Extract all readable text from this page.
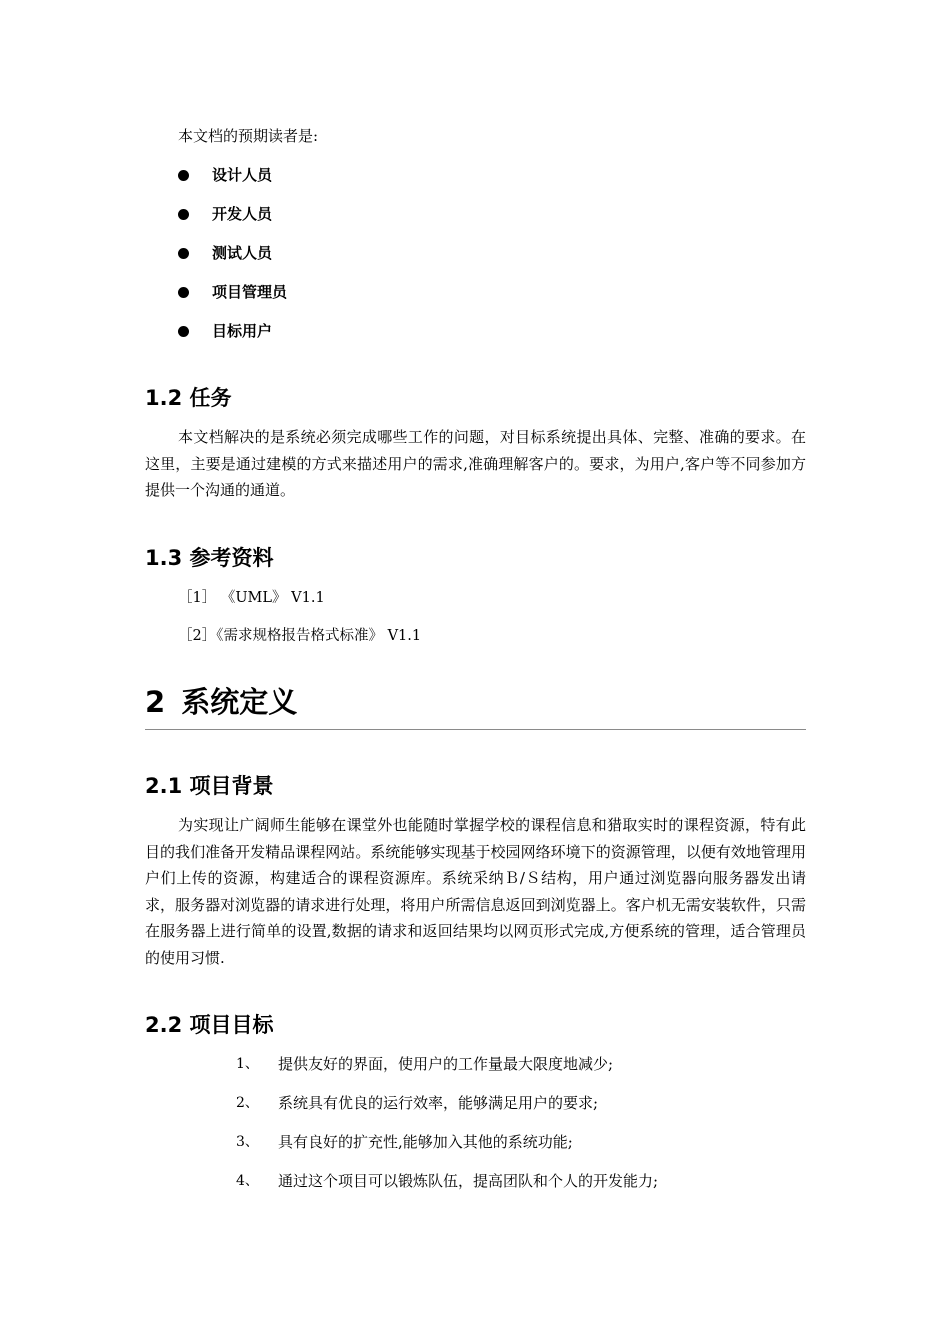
本文档的预期读者是:
设计人员
开发人员
测试人员
项目管理员
目标用户
1.2 任务

本文档解决的是系统必须完成哪些工作的问题，对目标系统提出具体、完整、准确的要求。在这里，主要是通过建模的方式来描述用户的需求,准确理解客户的。要求，为用户,客户等不同参加方提供一个沟通的通道。

1.3 参考资料
［1］ 《UML》 V1.1
［2］《需求规格报告格式标准》 V1.1
2 系统定义
2.1 项目背景

为实现让广阔师生能够在课堂外也能随时掌握学校的课程信息和猎取实时的课程资源，特有此目的我们准备开发精品课程网站。系统能够实现基于校园网络环境下的资源管理，以便有效地管理用户们上传的资源，构建适合的课程资源库。系统采纳Ｂ/Ｓ结构，用户通过浏览器向服务器发出请求，服务器对浏览器的请求进行处理，将用户所需信息返回到浏览器上。客户机无需安装软件，只需在服务器上进行简单的设置,数据的请求和返回结果均以网页形式完成,方便系统的管理，适合管理员的使用习惯.

2.2 项目目标
1、	提供友好的界面，使用户的工作量最大限度地减少;
2、	系统具有优良的运行效率，能够满足用户的要求;
3、	具有良好的扩充性,能够加入其他的系统功能;
4、	通过这个项目可以锻炼队伍，提高团队和个人的开发能力;
